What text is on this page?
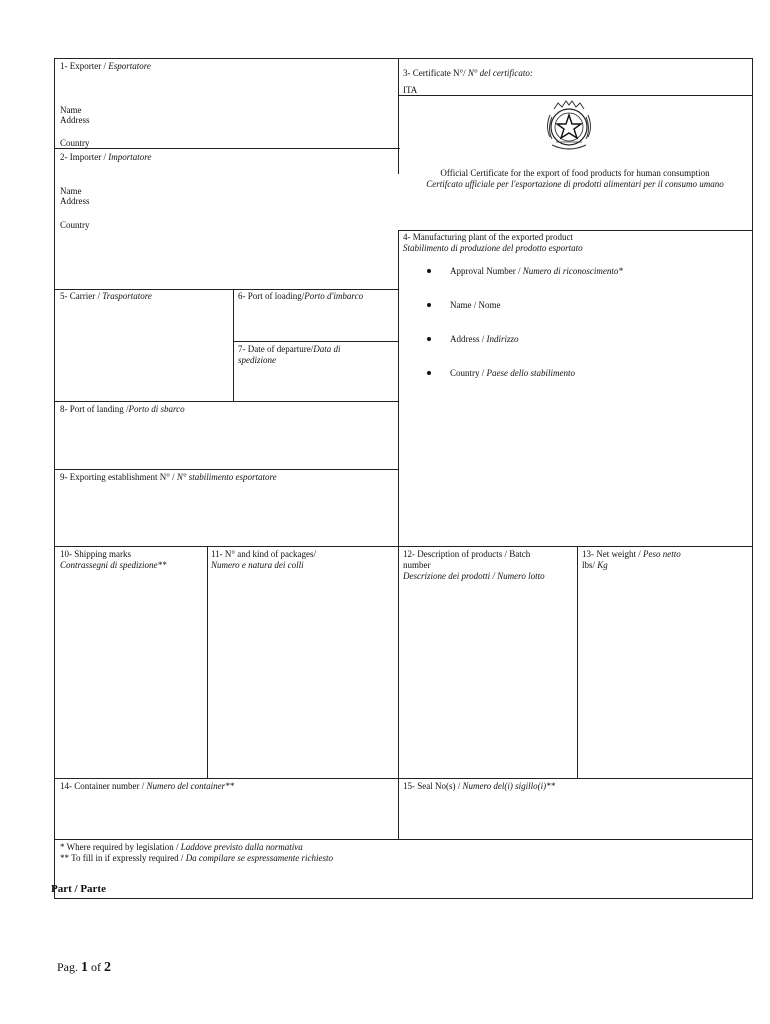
1- Exporter / Esportatore
Name
Address
Country
2- Importer / Importatore
Name
Address
Country
3- Certificate N°/ N° del certificato:
ITA
Official Certificate for the export of food products for human consumption
Certifcato ufficiale per l'esportazione di prodotti alimentari per il consumo umano
4- Manufacturing plant of the exported product
Stabilimento di produzione del prodotto esportato
Approval Number / Numero di riconoscimento*
Name / Nome
Address / Indirizzo
Country / Paese dello stabilimento
5- Carrier / Trasportatore	6- Port of loading/Porto d'imbarco
7- Date of departure/Data di
spedizione
8- Port of landing /Porto di sbarco
9- Exporting establishment N° / N° stabilimento esportatore
10- Shipping marks
Contrassegni di spedizione**
11- N° and kind of packages/
Numero e natura dei colli
12- Description of products / Batch
number
Descrizione dei prodotti / Numero lotto
13- Net weight / Peso netto
lbs/ Kg
14- Container number / Numero del container**	15- Seal No(s) / Numero del(i) sigillo(i)**
* Where required by legislation / Laddove previsto dalla normativa
** To fill in if expressly required / Da compilare se espressamente richiesto
Part / Parte
Pag. 1 of 2
